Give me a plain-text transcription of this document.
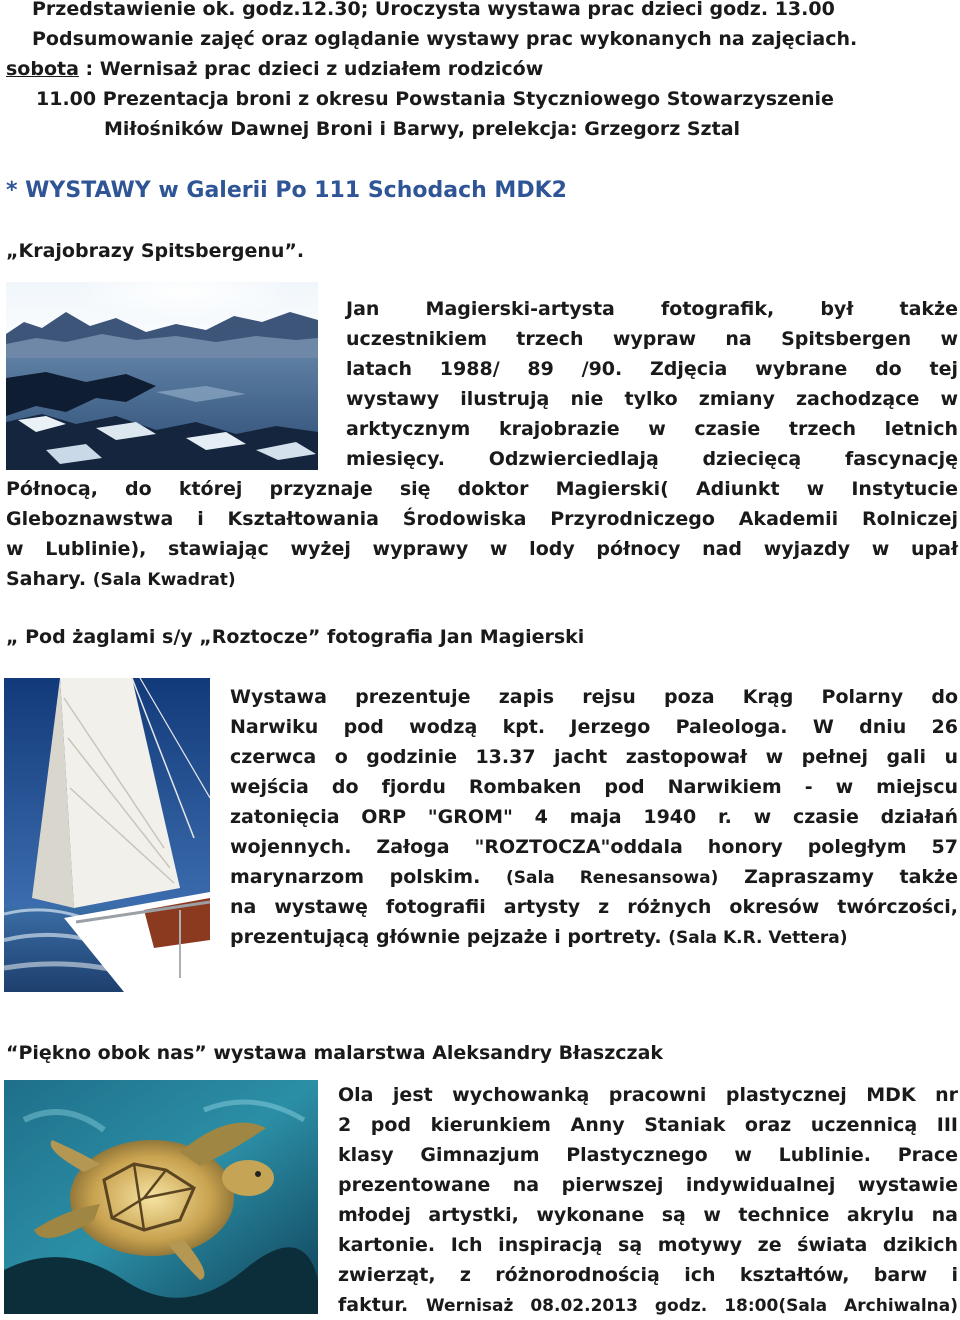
Przedstawienie ok. godz.12.30; Uroczysta wystawa prac dzieci godz. 13.00
Podsumowanie zajęć oraz oglądanie wystawy prac wykonanych na zajęciach.
sobota : Wernisaż prac dzieci z udziałem rodziców
11.00 Prezentacja broni z okresu Powstania Styczniowego Stowarzyszenie
Miłośników Dawnej Broni i Barwy, prelekcja: Grzegorz Sztal
* WYSTAWY w Galerii Po 111 Schodach MDK2
„Krajobrazy Spitsbergenu”.
Jan Magierski-artysta fotografik, był także
uczestnikiem trzech wypraw na Spitsbergen w
latach 1988/ 89 /90. Zdjęcia wybrane do tej
wystawy ilustrują nie tylko zmiany zachodzące w
arktycznym krajobrazie w czasie trzech letnich
miesięcy. Odzwierciedlają dziecięcą fascynację
Północą, do której przyznaje się doktor Magierski( Adiunkt w Instytucie
Gleboznawstwa i Kształtowania Środowiska Przyrodniczego Akademii Rolniczej
w Lublinie), stawiając wyżej wyprawy w lody północy nad wyjazdy w upał
Sahary. (Sala Kwadrat)
„ Pod żaglami s/y „Roztocze” fotografia Jan Magierski
Wystawa prezentuje zapis rejsu poza Krąg Polarny do
Narwiku pod wodzą kpt. Jerzego Paleologa. W dniu 26
czerwca o godzinie 13.37 jacht zastopował w pełnej gali u
wejścia do fjordu Rombaken pod Narwikiem - w miejscu
zatonięcia ORP "GROM" 4 maja 1940 r. w czasie działań
wojennych. Załoga "ROZTOCZA"oddala honory poległym 57
marynarzom polskim. (Sala Renesansowa) Zapraszamy także
na wystawę fotografii artysty z różnych okresów twórczości,
prezentującą głównie pejzaże i portrety. (Sala K.R. Vettera)
“Piękno obok nas” wystawa malarstwa Aleksandry Błaszczak
Ola jest wychowanką pracowni plastycznej MDK nr
2 pod kierunkiem Anny Staniak oraz uczennicą III
klasy Gimnazjum Plastycznego w Lublinie. Prace
prezentowane na pierwszej indywidualnej wystawie
młodej artystki, wykonane są w technice akrylu na
kartonie. Ich inspiracją są motywy ze świata dzikich
zwierząt, z różnorodnością ich kształtów, barw i
faktur. Wernisaż 08.02.2013 godz. 18:00(Sala Archiwalna)
